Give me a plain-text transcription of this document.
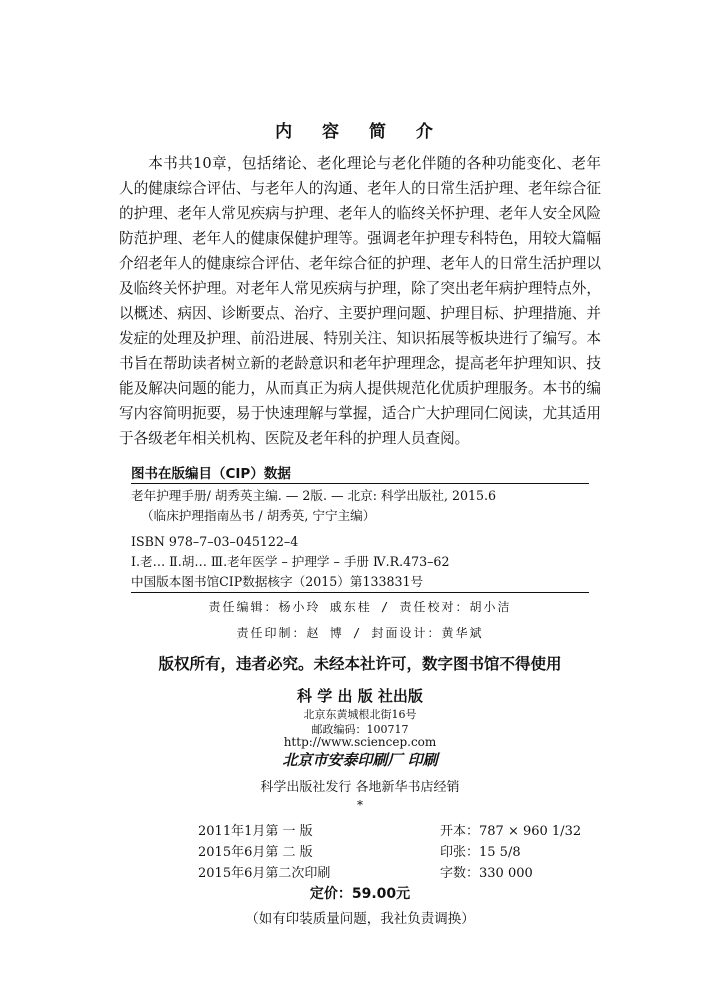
内 容 简 介

本书共10章，包括绪论、老化理论与老化伴随的各种功能变化、老年人的健康综合评估、与老年人的沟通、老年人的日常生活护理、老年综合征的护理、老年人常见疾病与护理、老年人的临终关怀护理、老年人安全风险防范护理、老年人的健康保健护理等。强调老年护理专科特色，用较大篇幅介绍老年人的健康综合评估、老年综合征的护理、老年人的日常生活护理以及临终关怀护理。对老年人常见疾病与护理，除了突出老年病护理特点外，以概述、病因、诊断要点、治疗、主要护理问题、护理目标、护理措施、并发症的处理及护理、前沿进展、特别关注、知识拓展等板块进行了编写。本书旨在帮助读者树立新的老龄意识和老年护理理念，提高老年护理知识、技能及解决问题的能力，从而真正为病人提供规范化优质护理服务。本书的编写内容简明扼要，易于快速理解与掌握，适合广大护理同仁阅读，尤其适用于各级老年相关机构、医院及老年科的护理人员查阅。

图书在版编目（CIP）数据

老年护理手册/ 胡秀英主编. — 2版. — 北京: 科学出版社, 2015.6

（临床护理指南丛书 / 胡秀英, 宁宁主编）

ISBN 978–7–03–045122–4

Ⅰ.老… Ⅱ.胡… Ⅲ.老年医学 – 护理学 – 手册 Ⅳ.R.473–62

中国版本图书馆CIP数据核字（2015）第133831号

责任编辑：杨小玲 戚东桂 / 责任校对：胡小洁
责任印制：赵 博 / 封面设计：黄华斌
版权所有，违者必究。未经本社许可，数字图书馆不得使用
科 学 出 版 社出版
北京东黄城根北街16号
邮政编码：100717
http://www.sciencep.com
北京市安泰印刷厂 印刷
科学出版社发行 各地新华书店经销
*
2011年1月第 一 版	开本：787 × 960 1/32
2015年6月第 二 版	印张：15 5/8
2015年6月第二次印刷	字数：330 000
定价：59.00元
（如有印装质量问题，我社负责调换）
